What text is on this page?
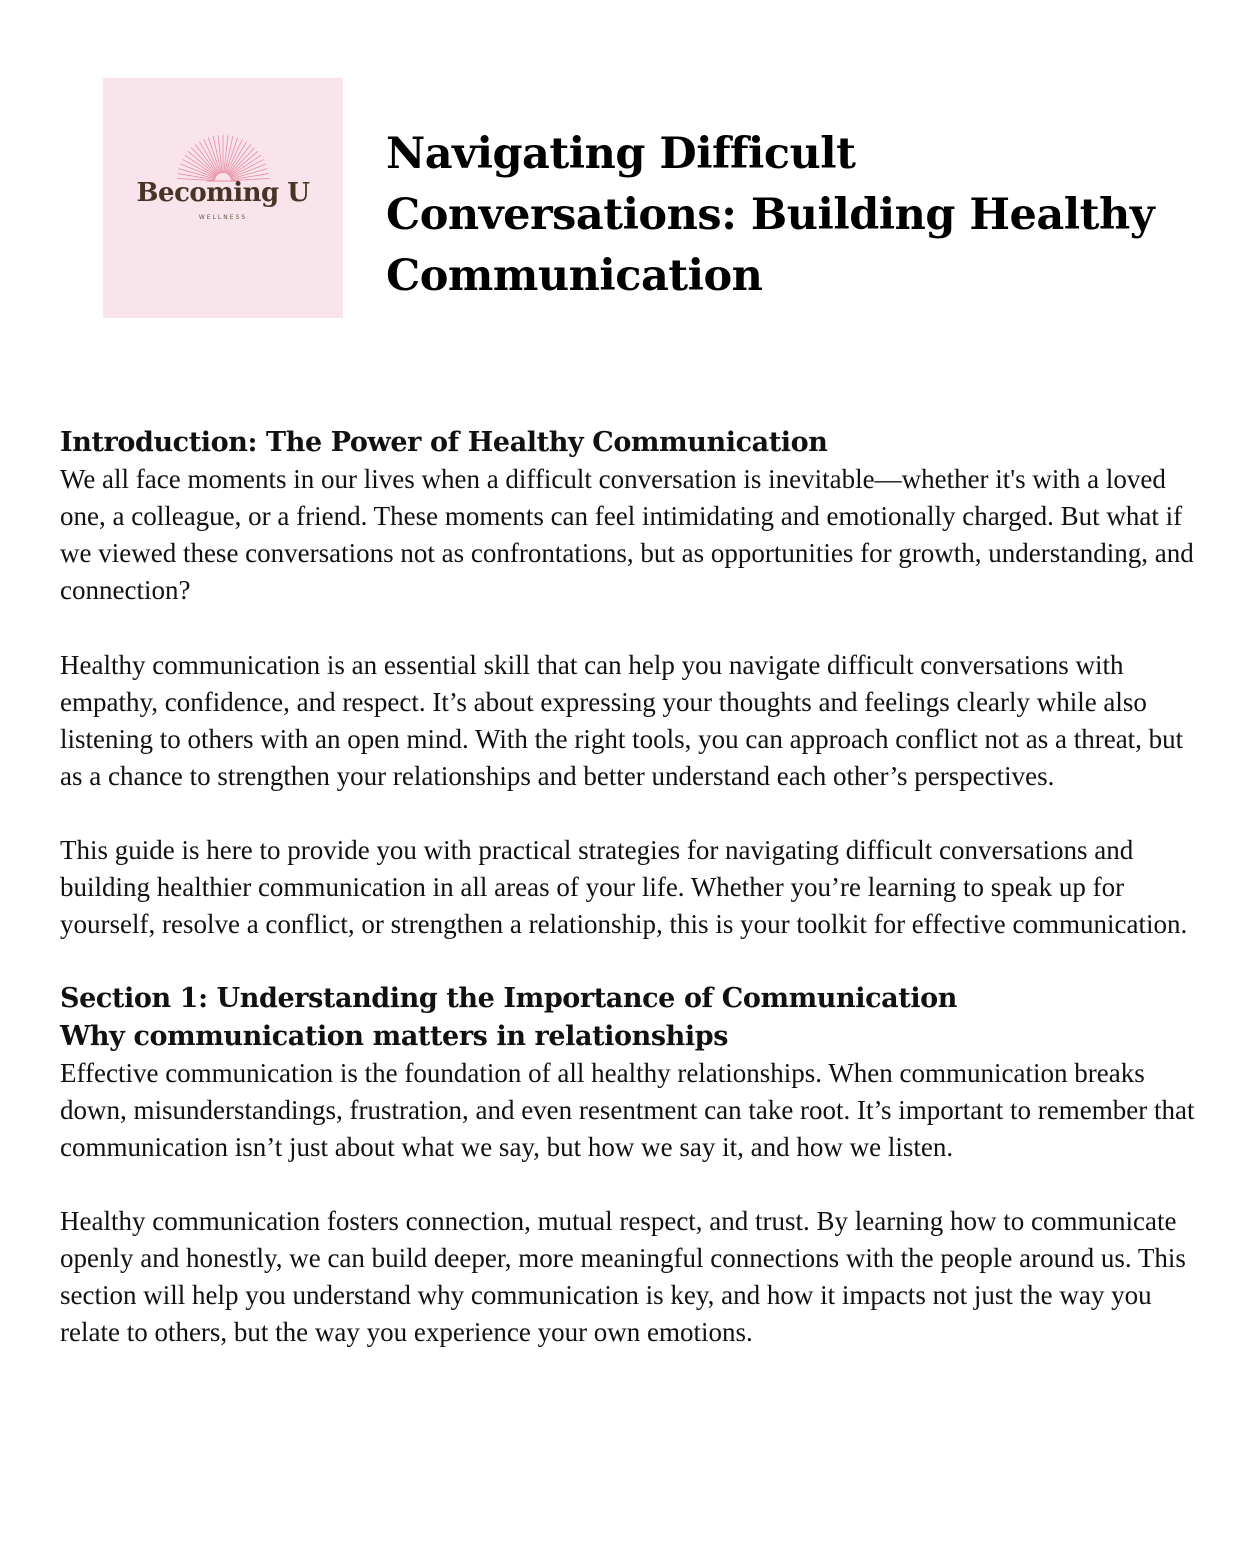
Becoming U
WELLNESS
Navigating Difficult Conversations: Building Healthy Communication
Introduction: The Power of Healthy Communication

We all face moments in our lives when a difficult conversation is inevitable—whether it's with a loved one, a colleague, or a friend. These moments can feel intimidating and emotionally charged. But what if we viewed these conversations not as confrontations, but as opportunities for growth, understanding, and connection?

Healthy communication is an essential skill that can help you navigate difficult conversations with empathy, confidence, and respect. It’s about expressing your thoughts and feelings clearly while also listening to others with an open mind. With the right tools, you can approach conflict not as a threat, but as a chance to strengthen your relationships and better understand each other’s perspectives.

This guide is here to provide you with practical strategies for navigating difficult conversations and building healthier communication in all areas of your life. Whether you’re learning to speak up for yourself, resolve a conflict, or strengthen a relationship, this is your toolkit for effective communication.

Section 1: Understanding the Importance of Communication
Why communication matters in relationships

Effective communication is the foundation of all healthy relationships. When communication breaks down, misunderstandings, frustration, and even resentment can take root. It’s important to remember that communication isn’t just about what we say, but how we say it, and how we listen.

Healthy communication fosters connection, mutual respect, and trust. By learning how to communicate openly and honestly, we can build deeper, more meaningful connections with the people around us. This section will help you understand why communication is key, and how it impacts not just the way you relate to others, but the way you experience your own emotions.
